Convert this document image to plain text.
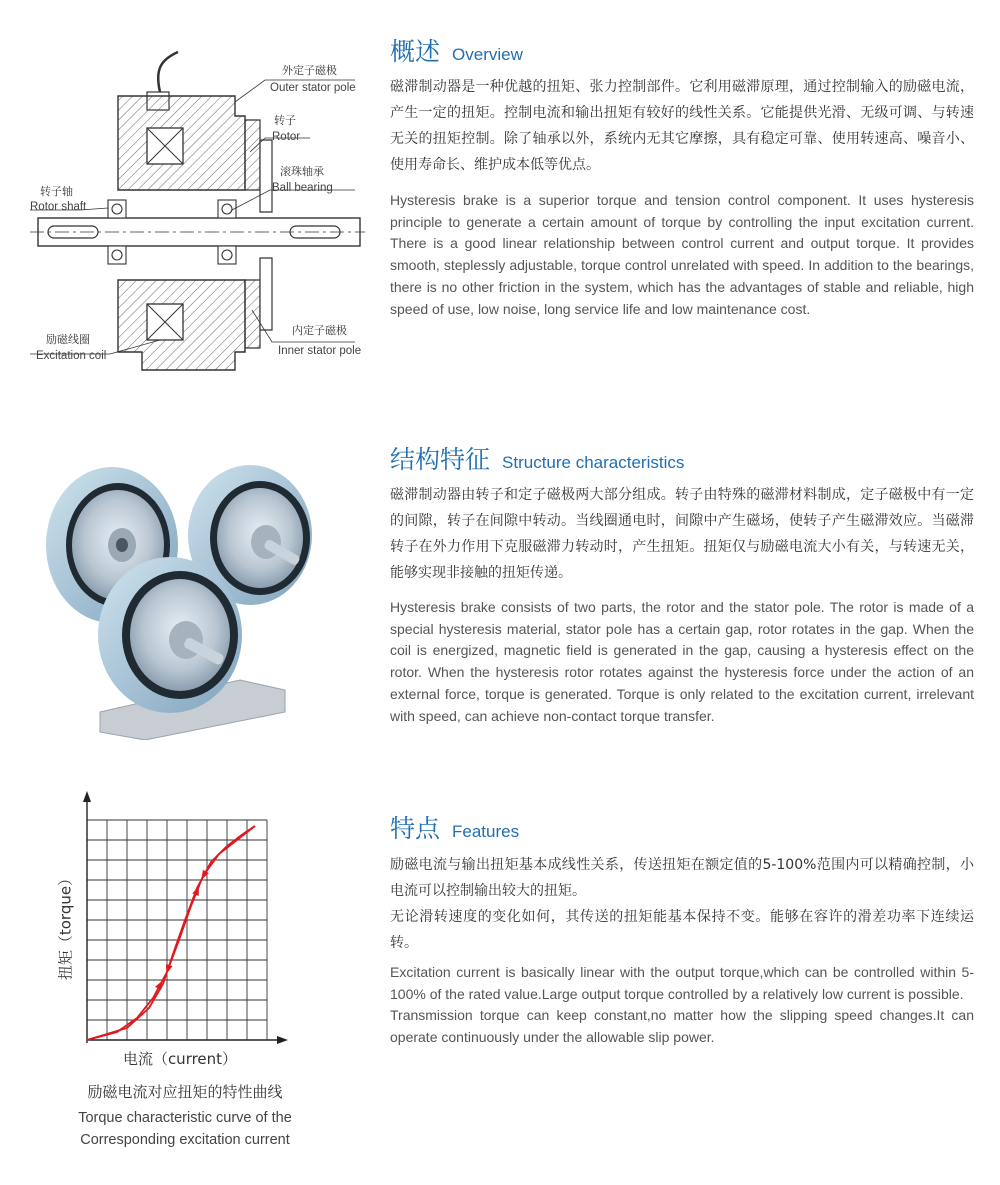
外定子磁极
Outer stator pole
转子
Rotor
滚珠轴承
Ball bearing
转子轴
Rotor shaft
励磁线圈
Excitation coil
内定子磁极
Inner stator pole
概述 Overview

磁滞制动器是一种优越的扭矩、张力控制部件。它利用磁滞原理，通过控制输入的励磁电流，产生一定的扭矩。控制电流和输出扭矩有较好的线性关系。它能提供光滑、无级可调、与转速无关的扭矩控制。除了轴承以外，系统内无其它摩擦，具有稳定可靠、使用转速高、噪音小、使用寿命长、维护成本低等优点。

Hysteresis brake is a superior torque and tension control component. It uses hysteresis principle to generate a certain amount of torque by controlling the input excitation current. There is a good linear relationship between control current and output torque. It provides smooth, steplessly adjustable, torque control unrelated with speed. In addition to the bearings, there is no other friction in the system, which has the advantages of stable and reliable, high speed of use, low noise, long service life and low maintenance cost.

结构特征 Structure characteristics

磁滞制动器由转子和定子磁极两大部分组成。转子由特殊的磁滞材料制成，定子磁极中有一定的间隙，转子在间隙中转动。当线圈通电时，间隙中产生磁场，使转子产生磁滞效应。当磁滞转子在外力作用下克服磁滞力转动时，产生扭矩。扭矩仅与励磁电流大小有关，与转速无关，能够实现非接触的扭矩传递。

Hysteresis brake consists of two parts, the rotor and the stator pole. The rotor is made of a special hysteresis material, stator pole has a certain gap, rotor rotates in the gap. When the coil is energized, magnetic field is generated in the gap, causing a hysteresis effect on the rotor. When the hysteresis rotor rotates against the hysteresis force under the action of an external force, torque is generated. Torque is only related to the excitation current, irrelevant with speed, can achieve non-contact torque transfer.

扭矩（torque）
电流（current）
励磁电流对应扭矩的特性曲线
Torque characteristic curve of the
Corresponding excitation current
特点 Features

励磁电流与输出扭矩基本成线性关系，传送扭矩在额定值的5-100%范围内可以精确控制，小电流可以控制输出较大的扭矩。

无论滑转速度的变化如何，其传送的扭矩能基本保持不变。能够在容许的滑差功率下连续运转。

Excitation current is basically linear with the output torque,which can be controlled within 5-100% of the rated value.Large output torque controlled by a relatively low current is possible.

Transmission torque can keep constant,no matter how the slipping speed changes.It can operate continuously under the allowable slip power.
